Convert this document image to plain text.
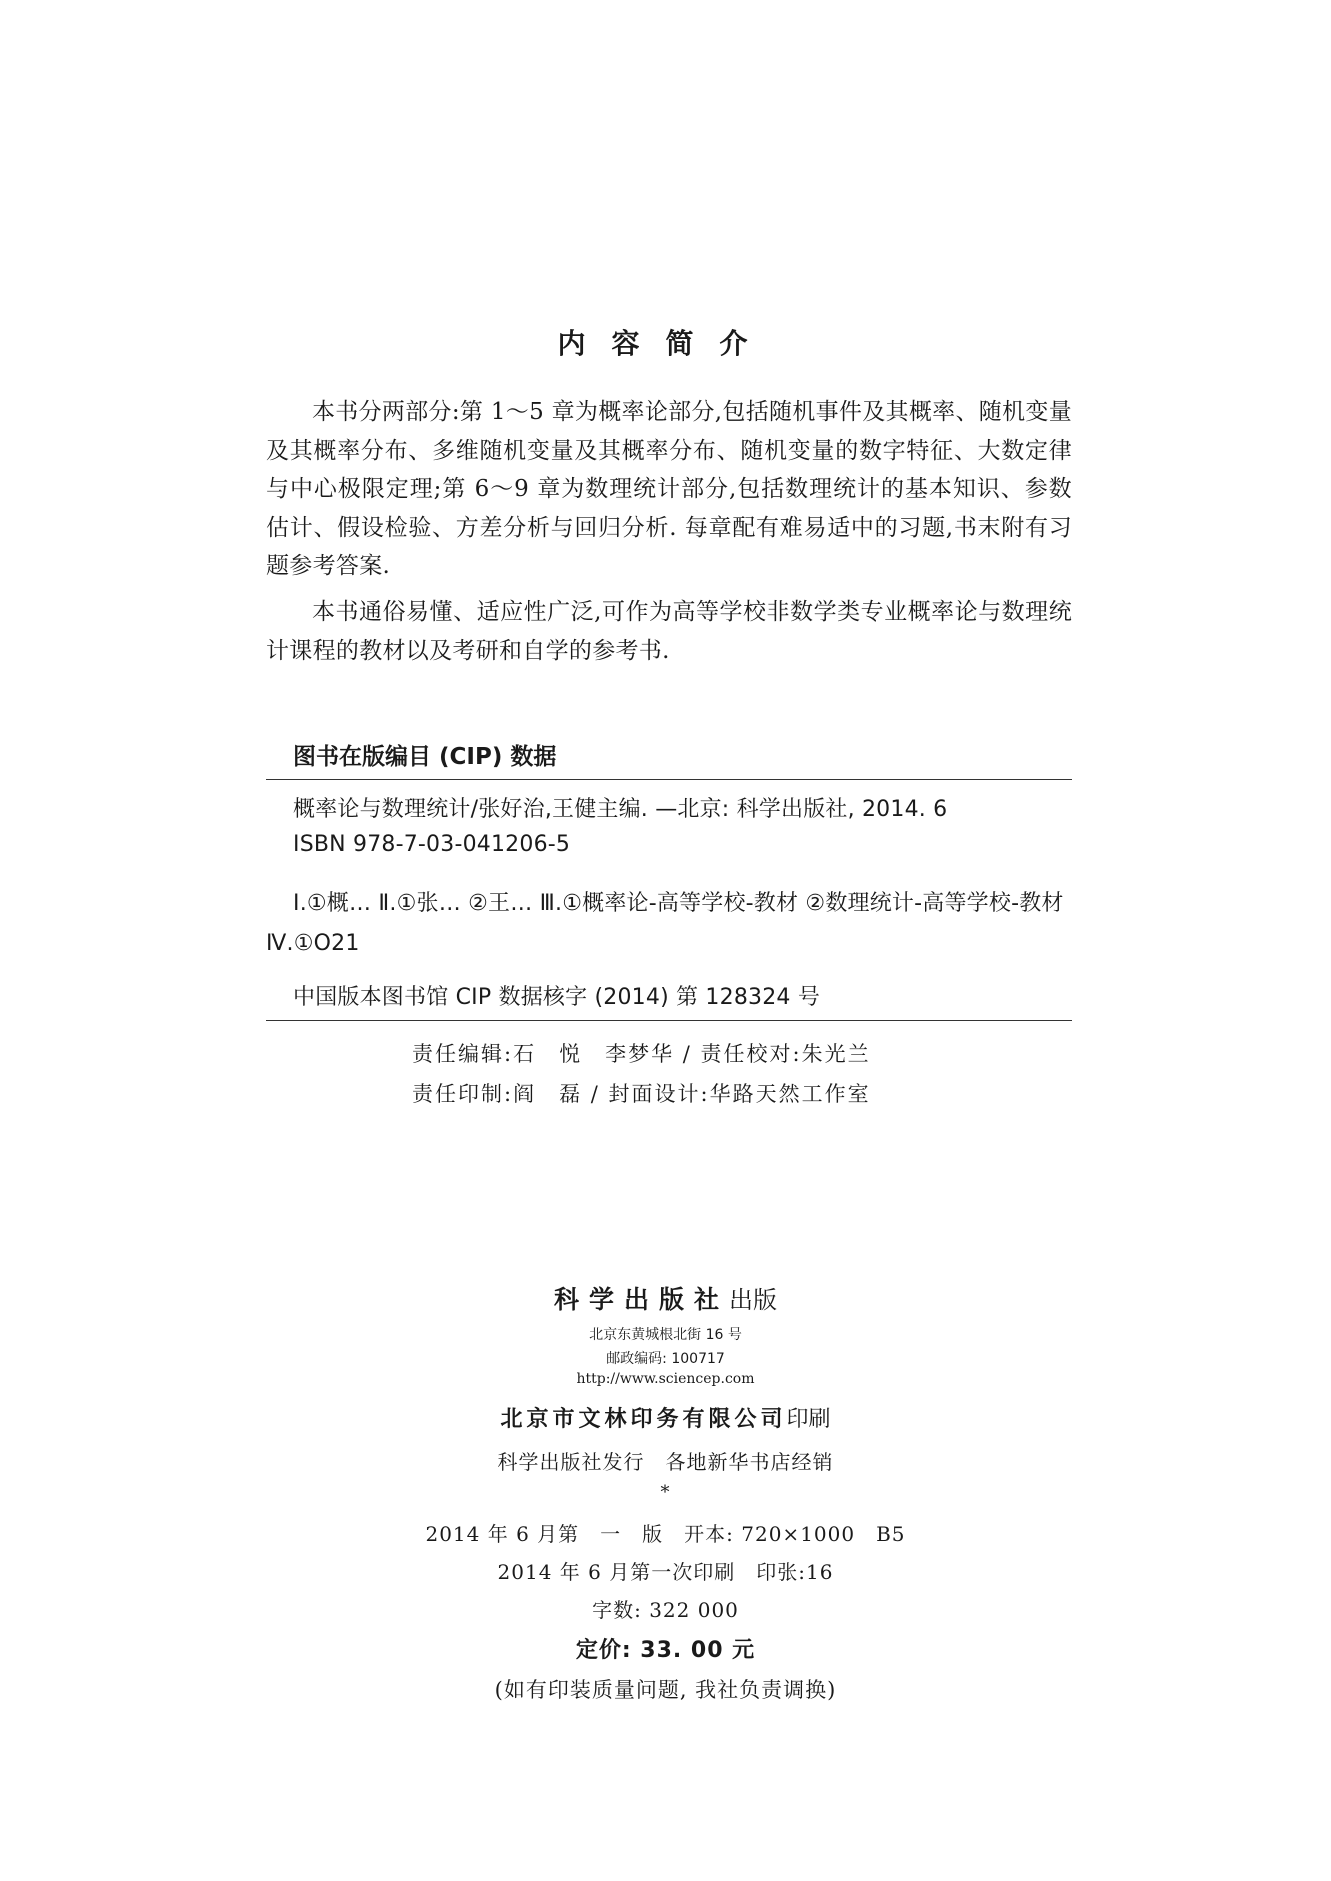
内容简介
本书分两部分:第 1～5 章为概率论部分,包括随机事件及其概率、随机变量及其概率分布、多维随机变量及其概率分布、随机变量的数字特征、大数定律与中心极限定理;第 6～9 章为数理统计部分,包括数理统计的基本知识、参数估计、假设检验、方差分析与回归分析. 每章配有难易适中的习题,书末附有习题参考答案.
本书通俗易懂、适应性广泛,可作为高等学校非数学类专业概率论与数理统计课程的教材以及考研和自学的参考书.
图书在版编目 (CIP) 数据
概率论与数理统计/张好治,王健主编. —北京: 科学出版社, 2014. 6
ISBN 978-7-03-041206-5
Ⅰ.①概… Ⅱ.①张… ②王… Ⅲ.①概率论-高等学校-教材 ②数理统计-高等学校-教材 Ⅳ.①O21
中国版本图书馆 CIP 数据核字 (2014) 第 128324 号
责任编辑:石　悦　李梦华 / 责任校对:朱光兰
责任印制:阎　磊 / 封面设计:华路天然工作室
科学出版社出版
北京东黄城根北街 16 号
邮政编码: 100717
http://www.sciencep.com
北京市文林印务有限公司印刷
科学出版社发行　各地新华书店经销
*
2014 年 6 月第　一　版　开本: 720×1000　B5
2014 年 6 月第一次印刷　印张:16
字数: 322 000
定价: 33. 00 元
(如有印装质量问题, 我社负责调换)
